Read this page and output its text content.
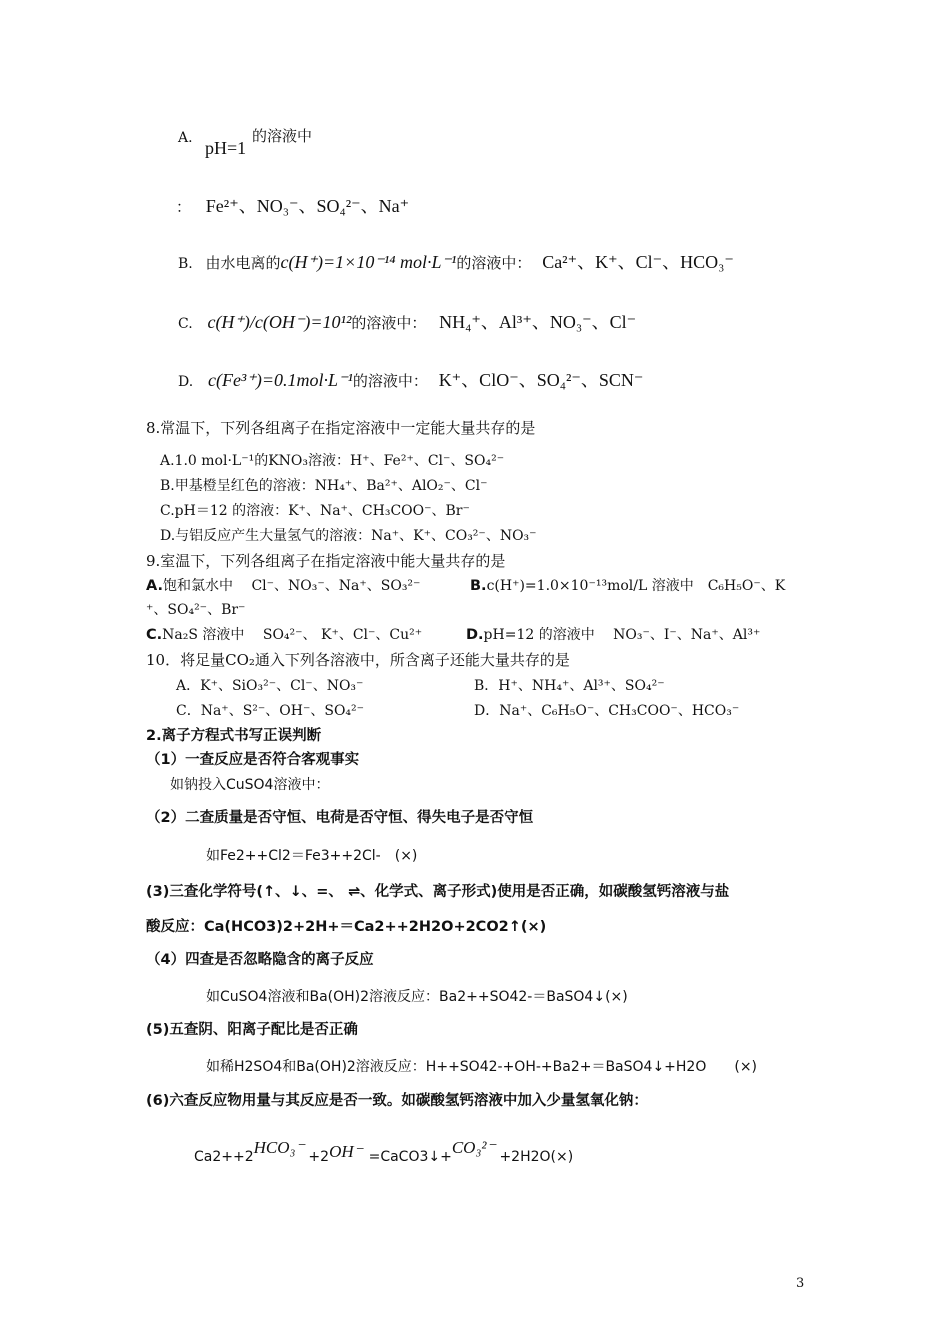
A. pH=1
的溶液中
： Fe²⁺、NO₃⁻、SO₄²⁻、Na⁺
B. 由水电离的c(H⁺)=1×10⁻¹⁴ mol·L⁻¹的溶液中： Ca²⁺、K⁺、Cl⁻、HCO₃⁻
C. c(H⁺)/c(OH⁻)=10¹²的溶液中： NH₄⁺、Al³⁺、NO₃⁻、Cl⁻
D. c(Fe³⁺)=0.1mol·L⁻¹的溶液中： K⁺、ClO⁻、SO₄²⁻、SCN⁻
8.常温下，下列各组离子在指定溶液中一定能大量共存的是
A.1.0 mol·L⁻¹的KNO₃溶液：H⁺、Fe²⁺、Cl⁻、SO₄²⁻
B.甲基橙呈红色的溶液：NH₄⁺、Ba²⁺、AlO₂⁻、Cl⁻
C.pH＝12 的溶液：K⁺、Na⁺、CH₃COO⁻、Br⁻
D.与铝反应产生大量氢气的溶液：Na⁺、K⁺、CO₃²⁻、NO₃⁻
9.室温下，下列各组离子在指定溶液中能大量共存的是
A.饱和氯水中　 Cl⁻、NO₃⁻、Na⁺、SO₃²⁻	B.c(H⁺)=1.0×10⁻¹³mol/L 溶液中　C₆H₅O⁻、K
⁺、SO₄²⁻、Br⁻
C.Na₂S 溶液中　 SO₄²⁻、 K⁺、Cl⁻、Cu²⁺	D.pH=12 的溶液中　 NO₃⁻、I⁻、Na⁺、Al³⁺
10．将足量CO₂通入下列各溶液中，所含离子还能大量共存的是
A．K⁺、SiO₃²⁻、Cl⁻、NO₃⁻	B．H⁺、NH₄⁺、Al³⁺、SO₄²⁻
C．Na⁺、S²⁻、OH⁻、SO₄²⁻	D．Na⁺、C₆H₅O⁻、CH₃COO⁻、HCO₃⁻
2.离子方程式书写正误判断
（1）一查反应是否符合客观事实
如钠投入CuSO4溶液中：
（2）二查质量是否守恒、电荷是否守恒、得失电子是否守恒
如Fe2++Cl2＝Fe3++2Cl-　(×)
(3)三查化学符号(↑、↓、=、 ⇌、化学式、离子形式)使用是否正确，如碳酸氢钙溶液与盐
酸反应：Ca(HCO3)2+2H+＝Ca2++2H2O+2CO2↑(×)
（4）四查是否忽略隐含的离子反应
如CuSO4溶液和Ba(OH)2溶液反应：Ba2++SO42-＝BaSO4↓(×)
(5)五查阴、阳离子配比是否正确
如稀H2SO4和Ba(OH)2溶液反应：H++SO42-+OH-+Ba2+＝BaSO4↓+H2O　　(×)
(6)六查反应物用量与其反应是否一致。如碳酸氢钙溶液中加入少量氢氧化钠：
Ca2++2HCO₃⁻ +2OH⁻ =CaCO3↓+CO₃²⁻ +2H2O(×)
3
